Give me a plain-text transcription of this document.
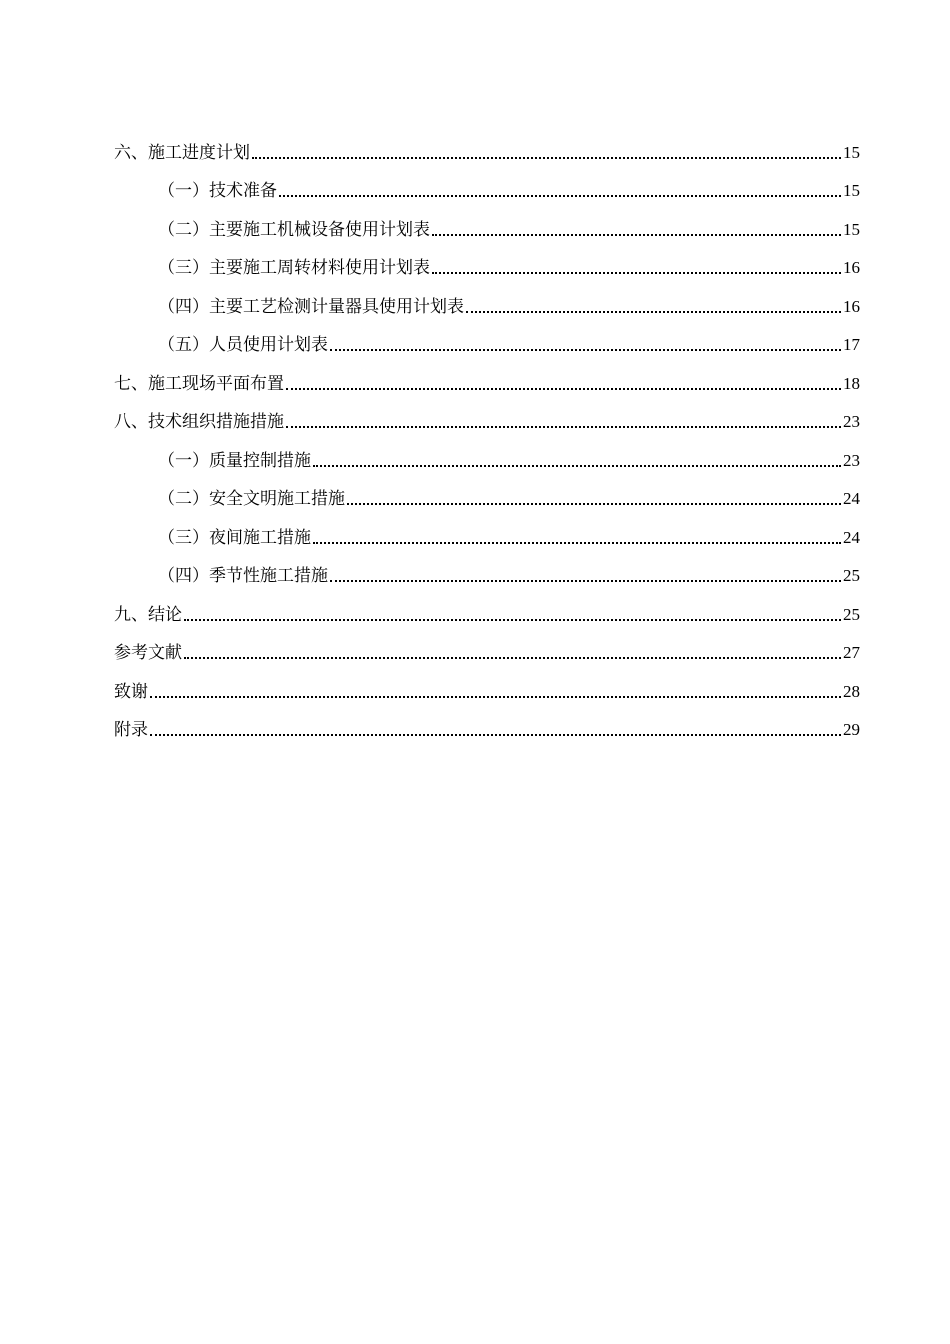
六、施工进度计划	15
（一）技术准备	15
（二）主要施工机械设备使用计划表	15
（三）主要施工周转材料使用计划表	16
（四）主要工艺检测计量器具使用计划表	16
（五）人员使用计划表	17
七、施工现场平面布置	18
八、技术组织措施措施	23
（一）质量控制措施	23
（二）安全文明施工措施	24
（三）夜间施工措施	24
（四）季节性施工措施	25
九、结论	25
参考文献	27
致谢	28
附录	29
